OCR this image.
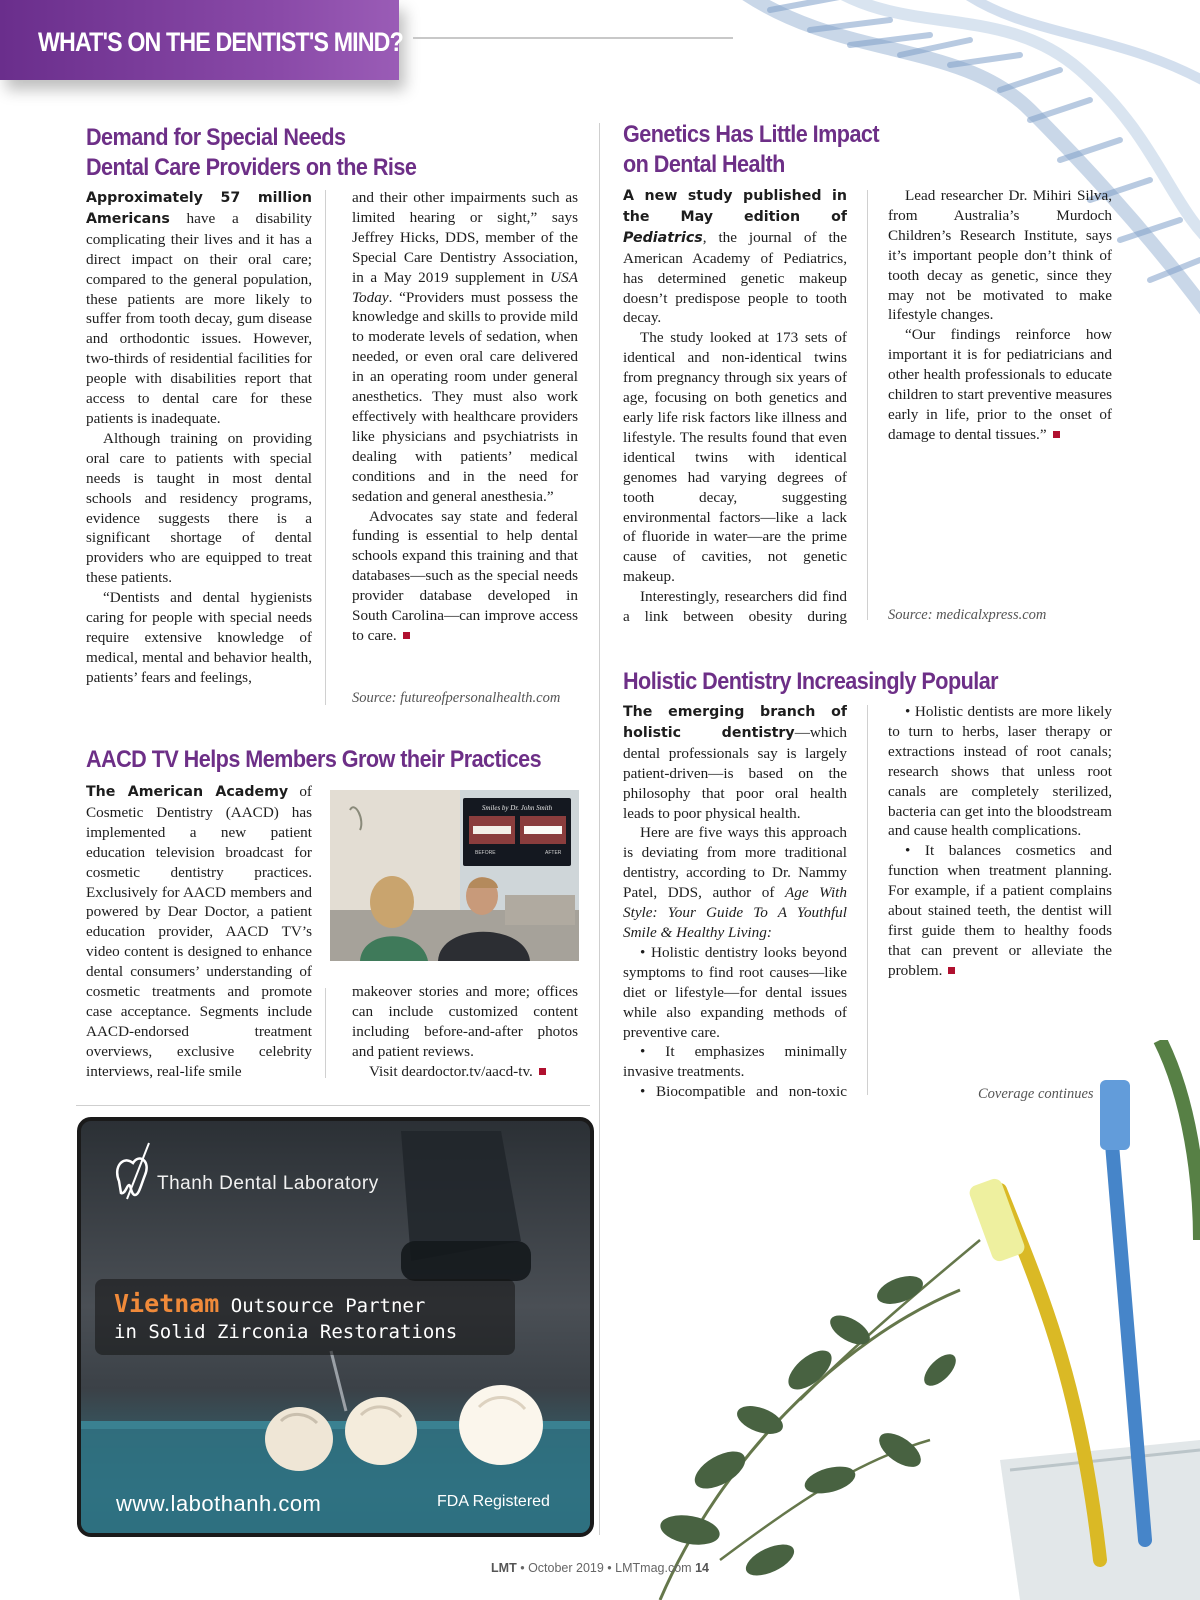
WHAT'S ON THE DENTIST'S MIND?
Demand for Special Needs
Dental Care Providers on the Rise

Approximately 57 million Americans have a disability complicating their lives and it has a direct impact on their oral care; compared to the general population, these patients are more likely to suffer from tooth decay, gum disease and orthodontic issues. However, two-thirds of residential facilities for people with disabilities report that access to dental care for these patients is inadequate.

Although training on providing oral care to patients with special needs is taught in most dental schools and residency programs, evidence suggests there is a significant shortage of dental providers who are equipped to treat these patients.

“Dentists and dental hygienists caring for people with special needs require extensive knowledge of medical, mental and behavior health, patients’ fears and feelings,

and their other impairments such as limited hearing or sight,” says Jeffrey Hicks, DDS, member of the Special Care Dentistry Association, in a May 2019 supplement in USA Today. “Providers must possess the knowledge and skills to provide mild to moderate levels of sedation, when needed, or even oral care delivered in an operating room under general anesthetics. They must also work effectively with healthcare providers like physicians and psychiatrists in dealing with patients’ medical conditions and in the need for sedation and general anesthesia.”

Advocates say state and federal funding is essential to help dental schools expand this training and that databases—such as the special needs provider database developed in South Carolina—can improve access to care.

Source: futureofpersonalhealth.com
AACD TV Helps Members Grow their Practices

The American Academy of Cosmetic Dentistry (AACD) has implemented a new patient education television broadcast for cosmetic dentistry practices. Exclusively for AACD members and powered by Dear Doctor, a patient education provider, AACD TV’s video content is designed to enhance dental consumers’ understanding of cosmetic treatments and promote case acceptance. Segments include AACD-endorsed treatment overviews, exclusive celebrity interviews, real-life smile

Smiles by Dr. John Smith
BEFORE	AFTER

makeover stories and more; offices can include customized content including before-and-after photos and patient reviews.

Visit deardoctor.tv/aacd-tv.

Genetics Has Little Impact
on Dental Health

A new study published in the May edition of Pediatrics, the journal of the American Academy of Pediatrics, has determined genetic makeup doesn’t predispose people to tooth decay.

The study looked at 173 sets of identical and non-identical twins from pregnancy through six years of age, focusing on both genetics and early life risk factors like illness and lifestyle. The results found that even identical twins with identical genomes had varying degrees of tooth decay, suggesting environmental factors—like a lack of fluoride in water—are the prime cause of cavities, not genetic makeup.

Interestingly, researchers did find a link between obesity during

Lead researcher Dr. Mihiri Silva, from Australia’s Murdoch Children’s Research Institute, says it’s important people don’t think of tooth decay as genetic, since they may not be motivated to make lifestyle changes.

“Our findings reinforce how important it is for pediatricians and other health professionals to educate children to start preventive measures early in life, prior to the onset of damage to dental tissues.”

Source: medicalxpress.com
Holistic Dentistry Increasingly Popular

The emerging branch of holistic dentistry—which dental professionals say is largely patient-driven—is based on the philosophy that poor oral health leads to poor physical health.

Here are five ways this approach is deviating from more traditional dentistry, according to Dr. Nammy Patel, DDS, author of Age With Style: Your Guide To A Youthful Smile & Healthy Living:

• Holistic dentistry looks beyond symptoms to find root causes—like diet or lifestyle—for dental issues while also expanding methods of preventive care.

• It emphasizes minimally invasive treatments.

• Biocompatible and non-toxic

• Holistic dentists are more likely to turn to herbs, laser therapy or extractions instead of root canals; research shows that unless root canals are completely sterilized, bacteria can get into the bloodstream and cause health complications.

• It balances cosmetics and function when treatment planning. For example, if a patient complains about stained teeth, the dentist will first guide them to healthy foods that can prevent or alleviate the problem.

Coverage continues
Thanh Dental Laboratory
Vietnam Outsource Partner
in Solid Zirconia Restorations
www.labothanh.com	FDA Registered
LMT • October 2019 • LMTmag.com 14
